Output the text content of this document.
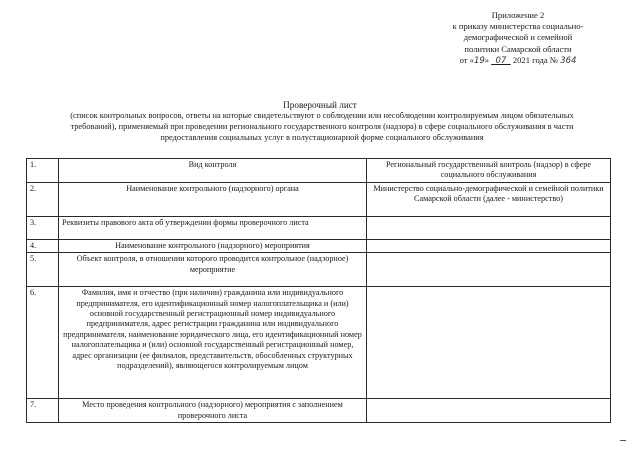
Приложение 2
к приказу министерства социально-
демографической и семейной
политики Самарской области
от «19» 07 2021 года № 364
Проверочный лист
(список контрольных вопросов, ответы на которые свидетельствуют о соблюдении или несоблюдении контролируемым лицом обязательных требований), применяемый при проведении регионального государственного контроля (надзора) в сфере социального обслуживания в части предоставления социальных услуг в полустационарной форме социального обслуживания
1.	Вид контроля	Региональный государственный контроль (надзор) в сфере социального обслуживания
2.	Наименование контрольного (надзорного) органа	Министерство социально-демографической и семейной политики Самарской области (далее - министерство)
3.	Реквизиты правового акта об утверждении формы проверочного листа	
4.	Наименование контрольного (надзорного) мероприятия	
5.	Объект контроля, в отношении которого проводится контрольное (надзорное) мероприятие	
6.	Фамилия, имя и отчество (при наличии) гражданина или индивидуального предпринимателя, его идентификационный номер налогоплательщика и (или) основной государственный регистрационный номер индивидуального предпринимателя, адрес регистрации гражданина или индивидуального предпринимателя, наименование юридического лица, его идентификационный номер налогоплательщика и (или) основной государственный регистрационный номер, адрес организации (ее филиалов, представительств, обособленных структурных подразделений), являющегося контролируемым лицом	
7.	Место проведения контрольного (надзорного) мероприятия с заполнением проверочного листа	
